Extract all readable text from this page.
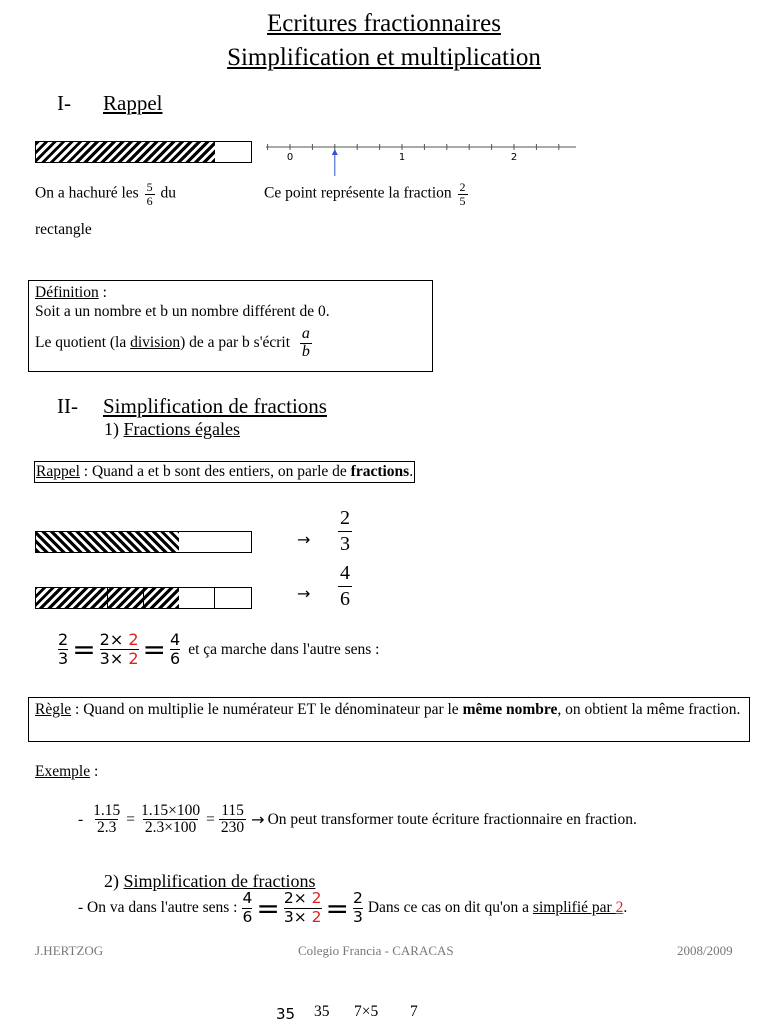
Ecritures fractionnaires
Simplification et multiplication
I- Rappel
0	1	2
On a hachuré les $\frac{5}{6}$ du
rectangle
Ce point représente la fraction $\frac{2}{5}$
Définition :
Soit a un nombre et b un nombre différent de 0.
Le quotient (la division) de a par b s'écrit $\frac{a}{b}$
II- Simplification de fractions
1) Fractions égales
Rappel : Quand a et b sont des entiers, on parle de fractions.
→ $\frac{2}{3}$
→ $\frac{4}{6}$
$\frac{2}{3} = \frac{2\times 2}{3\times 2} = \frac{4}{6}$ et ça marche dans l'autre sens :
Règle : Quand on multiplie le numérateur ET le dénominateur par le même nombre, on obtient la même fraction.
Exemple :
- $\frac{1.15}{2.3} = \frac{1.15\times 100}{2.3\times 100} = \frac{115}{230} \to On$ peut transformer toute écriture fractionnaire en fraction.
2) Simplification de fractions
- On va dans l'autre sens : $\frac{4}{6} = \frac{2\times 2}{3\times 2} = \frac{2}{3}$ Dans ce cas on dit qu'on a simplifié par 2.
J.HERTZOG	Colegio Francia - CARACAS	2008/2009
35 35 7×5 7
